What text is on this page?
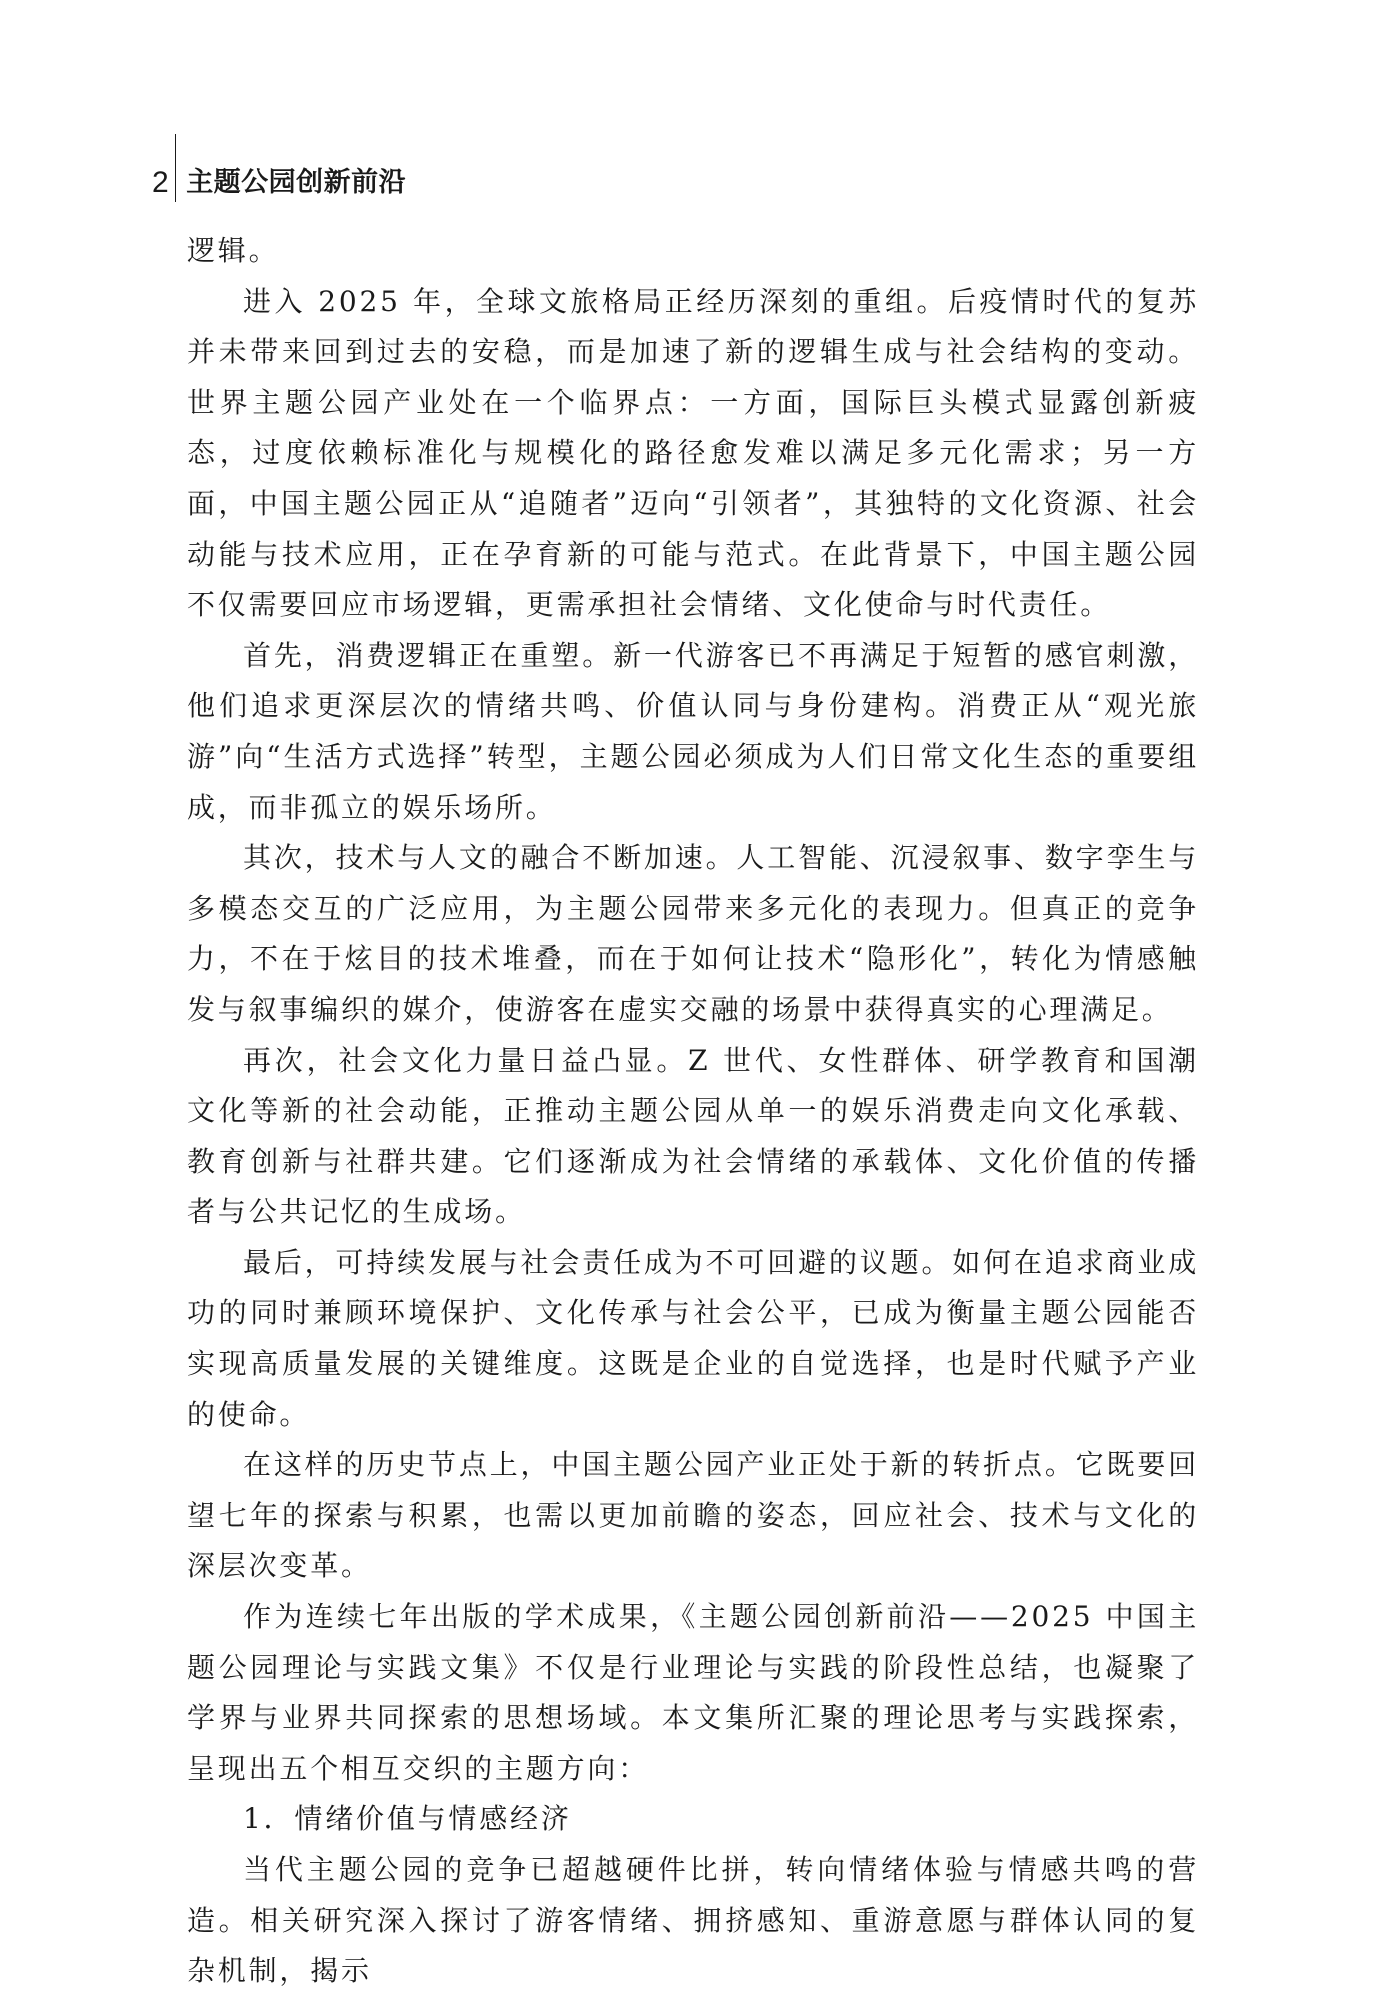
2 主题公园创新前沿

逻辑。

进入 2025 年，全球文旅格局正经历深刻的重组。后疫情时代的复苏并未带来回到过去的安稳，而是加速了新的逻辑生成与社会结构的变动。世界主题公园产业处在一个临界点：一方面，国际巨头模式显露创新疲态，过度依赖标准化与规模化的路径愈发难以满足多元化需求；另一方面，中国主题公园正从“追随者”迈向“引领者”，其独特的文化资源、社会动能与技术应用，正在孕育新的可能与范式。在此背景下，中国主题公园不仅需要回应市场逻辑，更需承担社会情绪、文化使命与时代责任。

首先，消费逻辑正在重塑。新一代游客已不再满足于短暂的感官刺激，他们追求更深层次的情绪共鸣、价值认同与身份建构。消费正从“观光旅游”向“生活方式选择”转型，主题公园必须成为人们日常文化生态的重要组成，而非孤立的娱乐场所。

其次，技术与人文的融合不断加速。人工智能、沉浸叙事、数字孪生与多模态交互的广泛应用，为主题公园带来多元化的表现力。但真正的竞争力，不在于炫目的技术堆叠，而在于如何让技术“隐形化”，转化为情感触发与叙事编织的媒介，使游客在虚实交融的场景中获得真实的心理满足。

再次，社会文化力量日益凸显。Z 世代、女性群体、研学教育和国潮文化等新的社会动能，正推动主题公园从单一的娱乐消费走向文化承载、教育创新与社群共建。它们逐渐成为社会情绪的承载体、文化价值的传播者与公共记忆的生成场。

最后，可持续发展与社会责任成为不可回避的议题。如何在追求商业成功的同时兼顾环境保护、文化传承与社会公平，已成为衡量主题公园能否实现高质量发展的关键维度。这既是企业的自觉选择，也是时代赋予产业的使命。

在这样的历史节点上，中国主题公园产业正处于新的转折点。它既要回望七年的探索与积累，也需以更加前瞻的姿态，回应社会、技术与文化的深层次变革。

作为连续七年出版的学术成果，《主题公园创新前沿——2025 中国主题公园理论与实践文集》不仅是行业理论与实践的阶段性总结，也凝聚了学界与业界共同探索的思想场域。本文集所汇聚的理论思考与实践探索，呈现出五个相互交织的主题方向：

1．情绪价值与情感经济

当代主题公园的竞争已超越硬件比拼，转向情绪体验与情感共鸣的营造。相关研究深入探讨了游客情绪、拥挤感知、重游意愿与群体认同的复杂机制，揭示
